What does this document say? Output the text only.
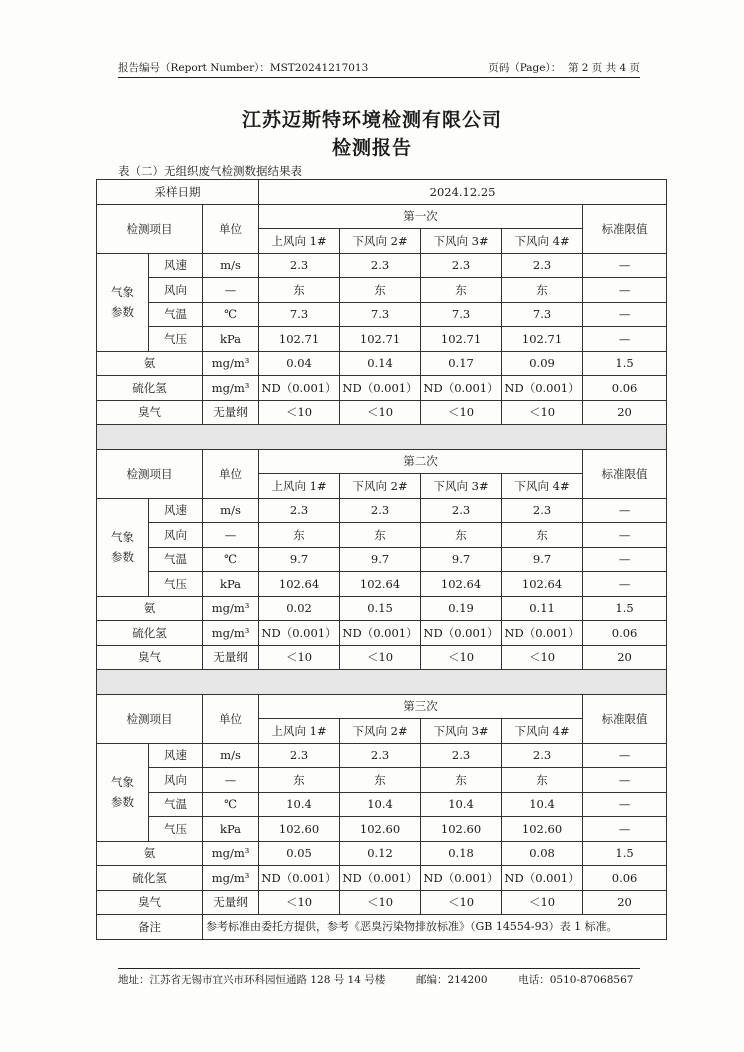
报告编号（Report Number）：MST20241217013	页码（Page）： 第 2 页 共 4 页
江苏迈斯特环境检测有限公司
检测报告
表（二）无组织废气检测数据结果表
采样日期			2024.12.25				
检测项目		单位	第一次				标准限值
			上风向 1#	下风向 2#	下风向 3#	下风向 4#	
气象参数	风速	m/s	2.3	2.3	2.3	2.3	—
	风向	—	东	东	东	东	—
	气温	℃	7.3	7.3	7.3	7.3	—
	气压	kPa	102.71	102.71	102.71	102.71	—
氨		mg/m³	0.04	0.14	0.17	0.09	1.5
硫化氢		mg/m³	ND（0.001）	ND（0.001）	ND（0.001）	ND（0.001）	0.06
臭气		无量纲	＜10	＜10	＜10	＜10	20

检测项目		单位	第二次				标准限值
			上风向 1#	下风向 2#	下风向 3#	下风向 4#	
气象参数	风速	m/s	2.3	2.3	2.3	2.3	—
	风向	—	东	东	东	东	—
	气温	℃	9.7	9.7	9.7	9.7	—
	气压	kPa	102.64	102.64	102.64	102.64	—
氨		mg/m³	0.02	0.15	0.19	0.11	1.5
硫化氢		mg/m³	ND（0.001）	ND（0.001）	ND（0.001）	ND（0.001）	0.06
臭气		无量纲	＜10	＜10	＜10	＜10	20

检测项目		单位	第三次				标准限值
			上风向 1#	下风向 2#	下风向 3#	下风向 4#	
气象参数	风速	m/s	2.3	2.3	2.3	2.3	—
	风向	—	东	东	东	东	—
	气温	℃	10.4	10.4	10.4	10.4	—
	气压	kPa	102.60	102.60	102.60	102.60	—
氨		mg/m³	0.05	0.12	0.18	0.08	1.5
硫化氢		mg/m³	ND（0.001）	ND（0.001）	ND（0.001）	ND（0.001）	0.06
臭气		无量纲	＜10	＜10	＜10	＜10	20
备注		参考标准由委托方提供，参考《恶臭污染物排放标准》（GB 14554-93）表 1 标准。					
地址：江苏省无锡市宜兴市环科园恒通路 128 号 14 号楼	邮编：214200	电话：0510-87068567
